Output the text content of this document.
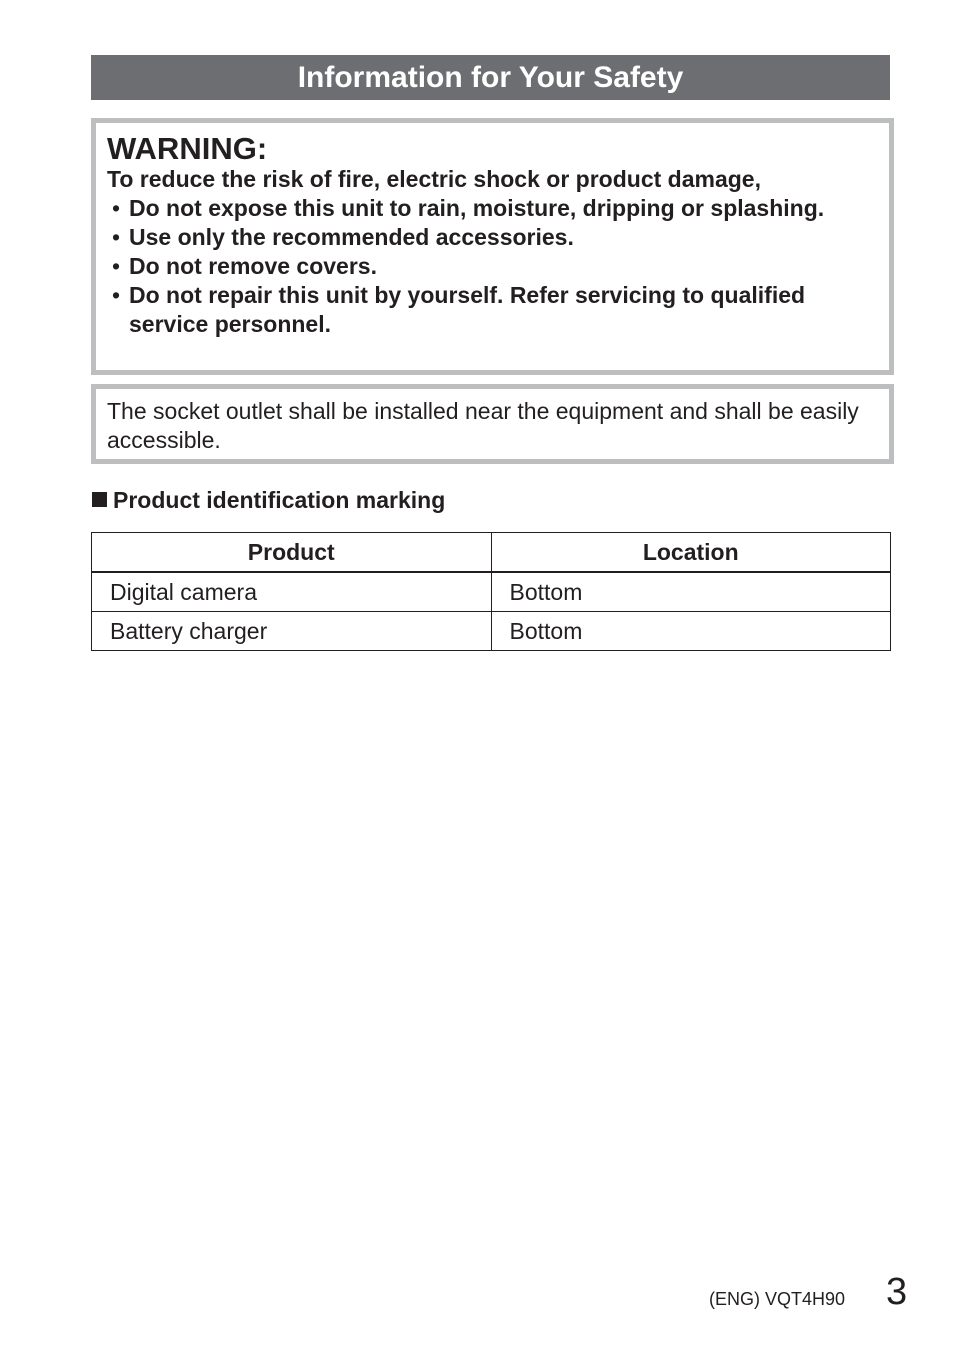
Information for Your Safety

WARNING:

To reduce the risk of fire, electric shock or product damage,

• Do not expose this unit to rain, moisture, dripping or splashing.
• Use only the recommended accessories.
• Do not remove covers.
• Do not repair this unit by yourself. Refer servicing to qualified service personnel.

The socket outlet shall be installed near the equipment and shall be easily accessible.

Product identification marking

Product	Location
Digital camera	Bottom
Battery charger	Bottom
(ENG) VQT4H90 3
